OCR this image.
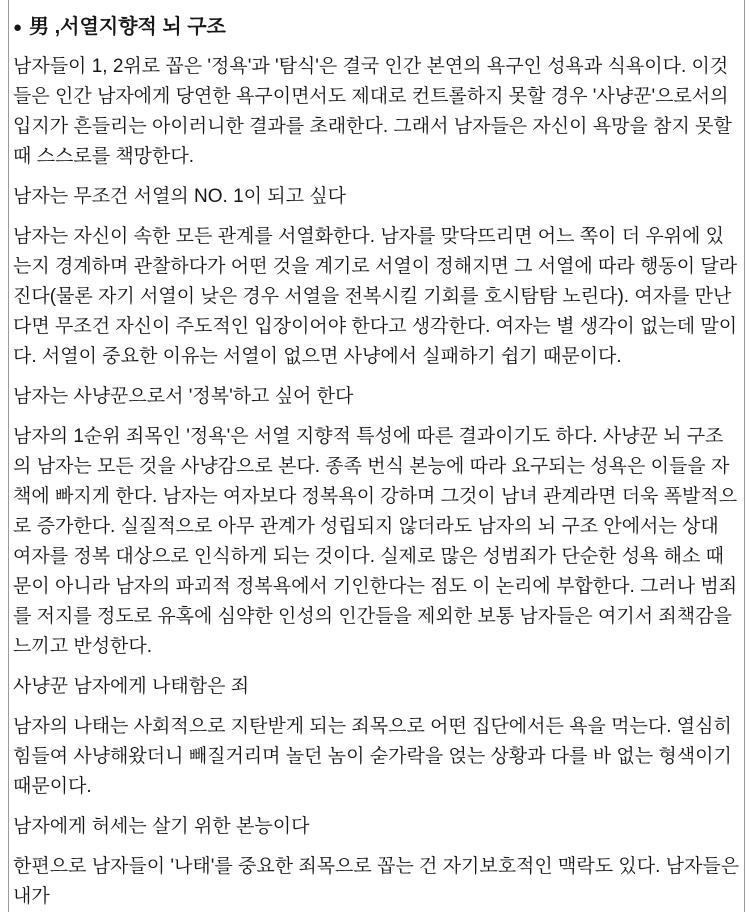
● 男 ,서열지향적 뇌 구조

남자들이 1, 2위로 꼽은 '정욕'과 '탐식'은 결국 인간 본연의 욕구인 성욕과 식욕이다. 이것들은 인간 남자에게 당연한 욕구이면서도 제대로 컨트롤하지 못할 경우 '사냥꾼'으로서의 입지가 흔들리는 아이러니한 결과를 초래한다. 그래서 남자들은 자신이 욕망을 참지 못할 때 스스로를 책망한다.

남자는 무조건 서열의 NO. 1이 되고 싶다

남자는 자신이 속한 모든 관계를 서열화한다. 남자를 맞닥뜨리면 어느 쪽이 더 우위에 있는지 경계하며 관찰하다가 어떤 것을 계기로 서열이 정해지면 그 서열에 따라 행동이 달라진다(물론 자기 서열이 낮은 경우 서열을 전복시킬 기회를 호시탐탐 노린다). 여자를 만난다면 무조건 자신이 주도적인 입장이어야 한다고 생각한다. 여자는 별 생각이 없는데 말이다. 서열이 중요한 이유는 서열이 없으면 사냥에서 실패하기 쉽기 때문이다.

남자는 사냥꾼으로서 '정복'하고 싶어 한다

남자의 1순위 죄목인 '정욕'은 서열 지향적 특성에 따른 결과이기도 하다. 사냥꾼 뇌 구조의 남자는 모든 것을 사냥감으로 본다. 종족 번식 본능에 따라 요구되는 성욕은 이들을 자책에 빠지게 한다. 남자는 여자보다 정복욕이 강하며 그것이 남녀 관계라면 더욱 폭발적으로 증가한다. 실질적으로 아무 관계가 성립되지 않더라도 남자의 뇌 구조 안에서는 상대 여자를 정복 대상으로 인식하게 되는 것이다. 실제로 많은 성범죄가 단순한 성욕 해소 때문이 아니라 남자의 파괴적 정복욕에서 기인한다는 점도 이 논리에 부합한다. 그러나 범죄를 저지를 정도로 유혹에 심약한 인성의 인간들을 제외한 보통 남자들은 여기서 죄책감을 느끼고 반성한다.

사냥꾼 남자에게 나태함은 죄

남자의 나태는 사회적으로 지탄받게 되는 죄목으로 어떤 집단에서든 욕을 먹는다. 열심히 힘들여 사냥해왔더니 빼질거리며 놀던 놈이 숟가락을 얹는 상황과 다를 바 없는 형색이기 때문이다.

남자에게 허세는 살기 위한 본능이다

한편으로 남자들이 '나태'를 중요한 죄목으로 꼽는 건 자기보호적인 맥락도 있다. 남자들은 내가
